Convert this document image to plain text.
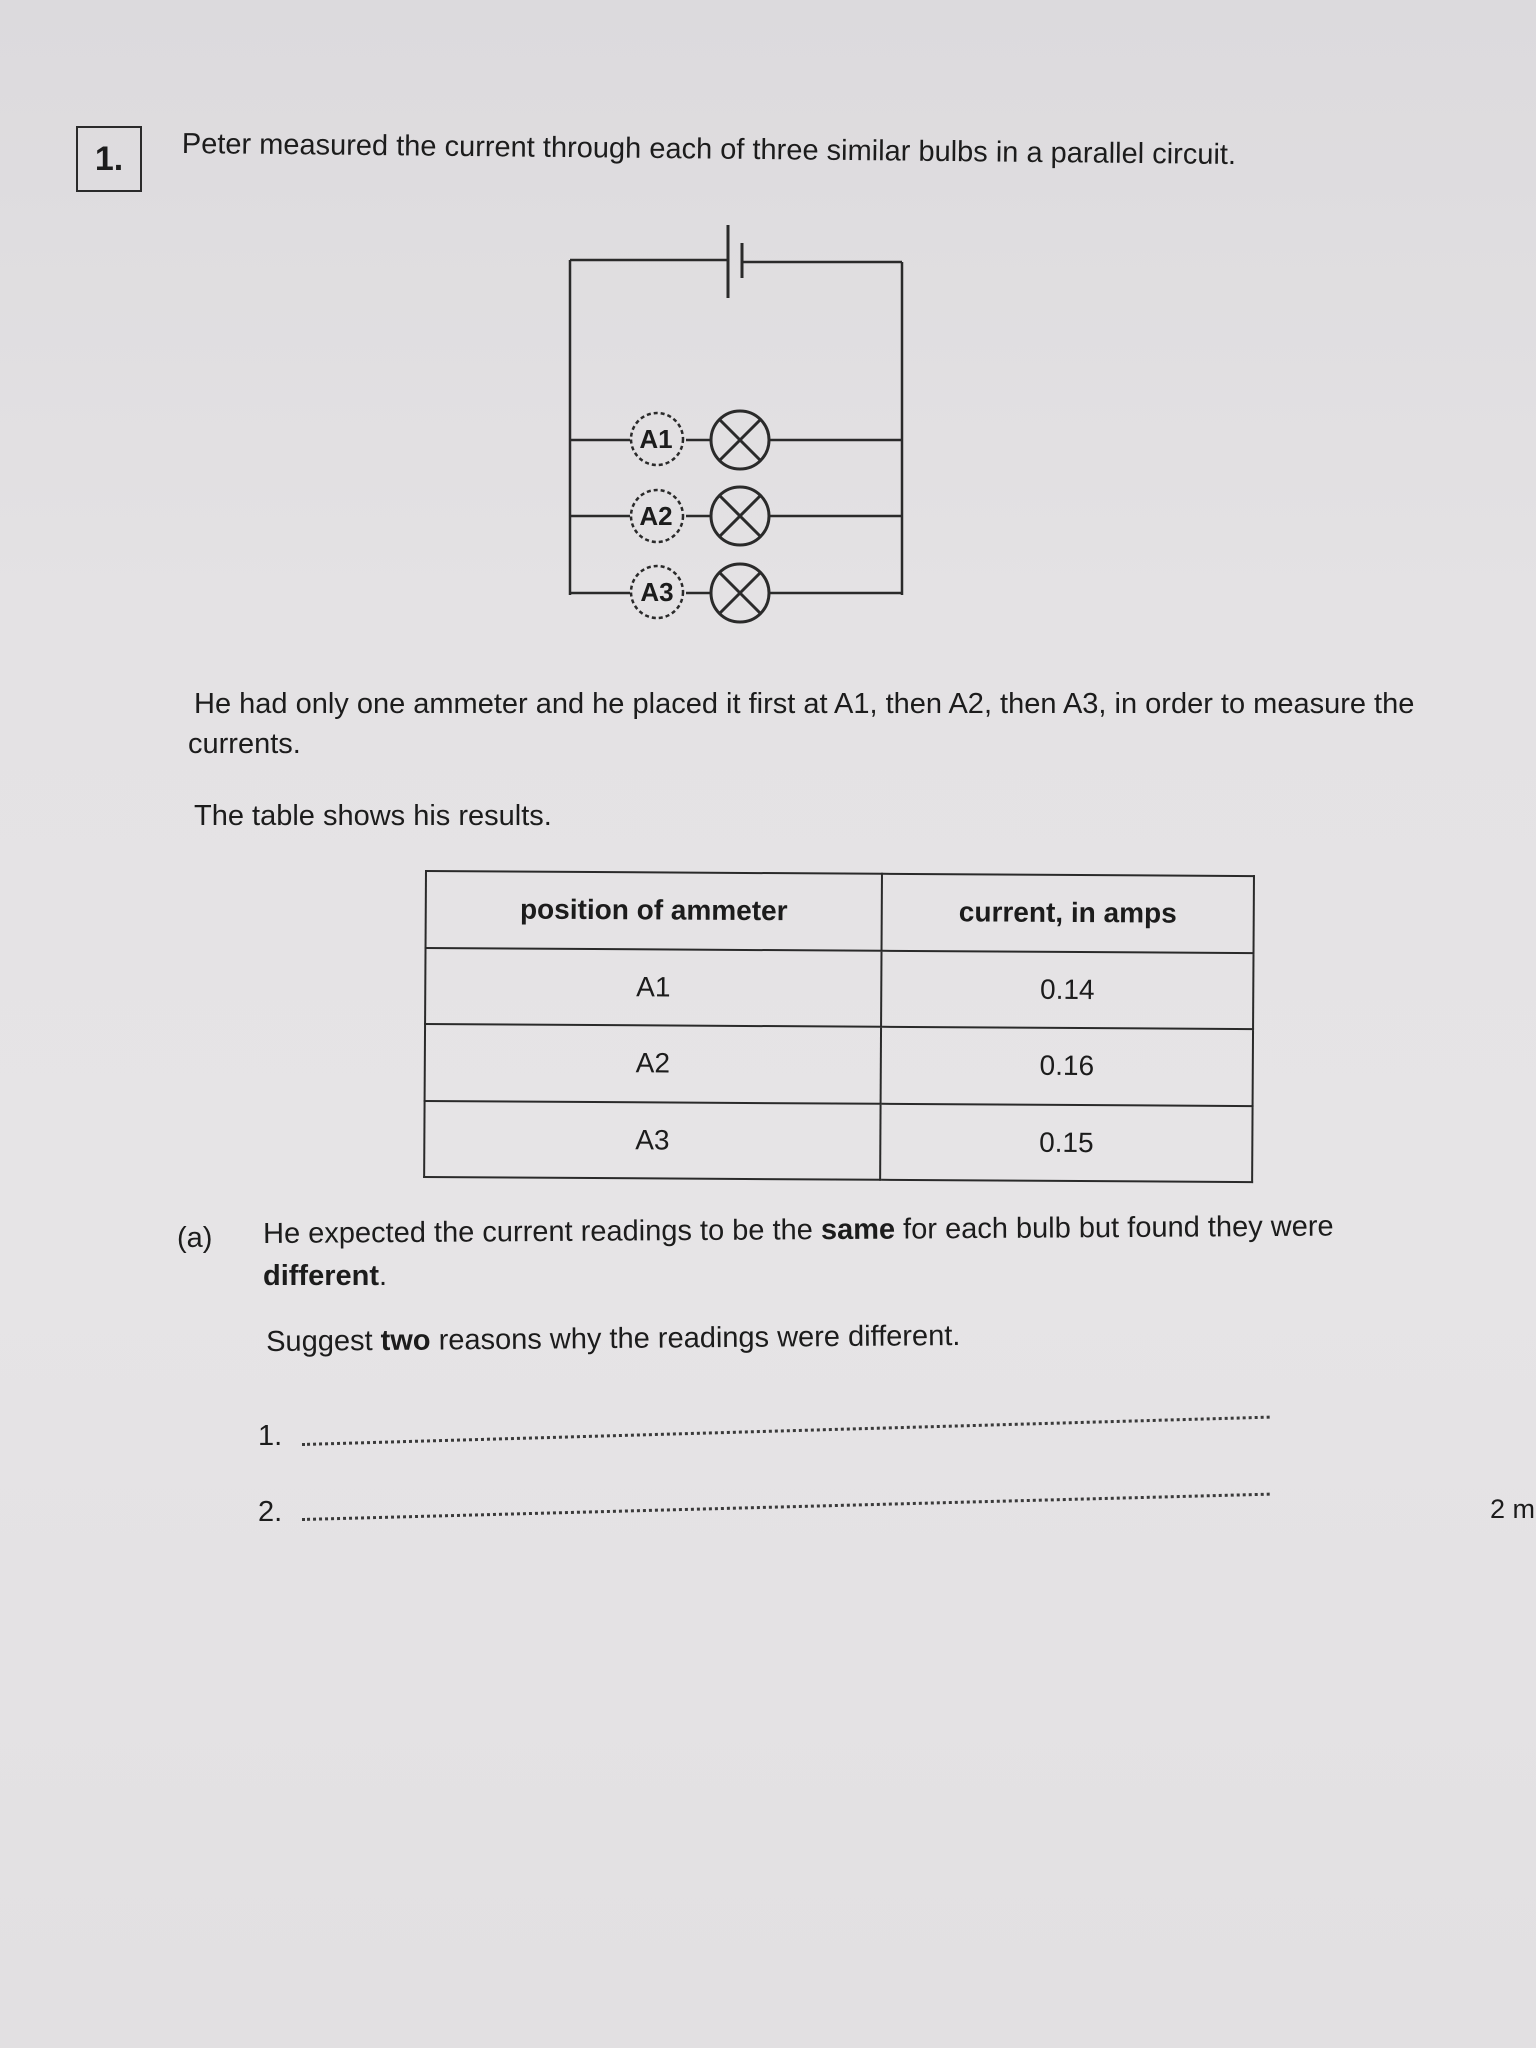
1.	Peter measured the current through each of three similar bulbs in a parallel circuit.
A1
A2
A3
He had only one ammeter and he placed it first at A1, then A2, then A3, in order to measure the
currents.
The table shows his results.
position of ammeter	current, in amps
A1	0.14
A2	0.16
A3	0.15
(a) He expected the current readings to be the same for each bulb but found they were
different.
Suggest two reasons why the readings were different.
1.
2.	2 m
